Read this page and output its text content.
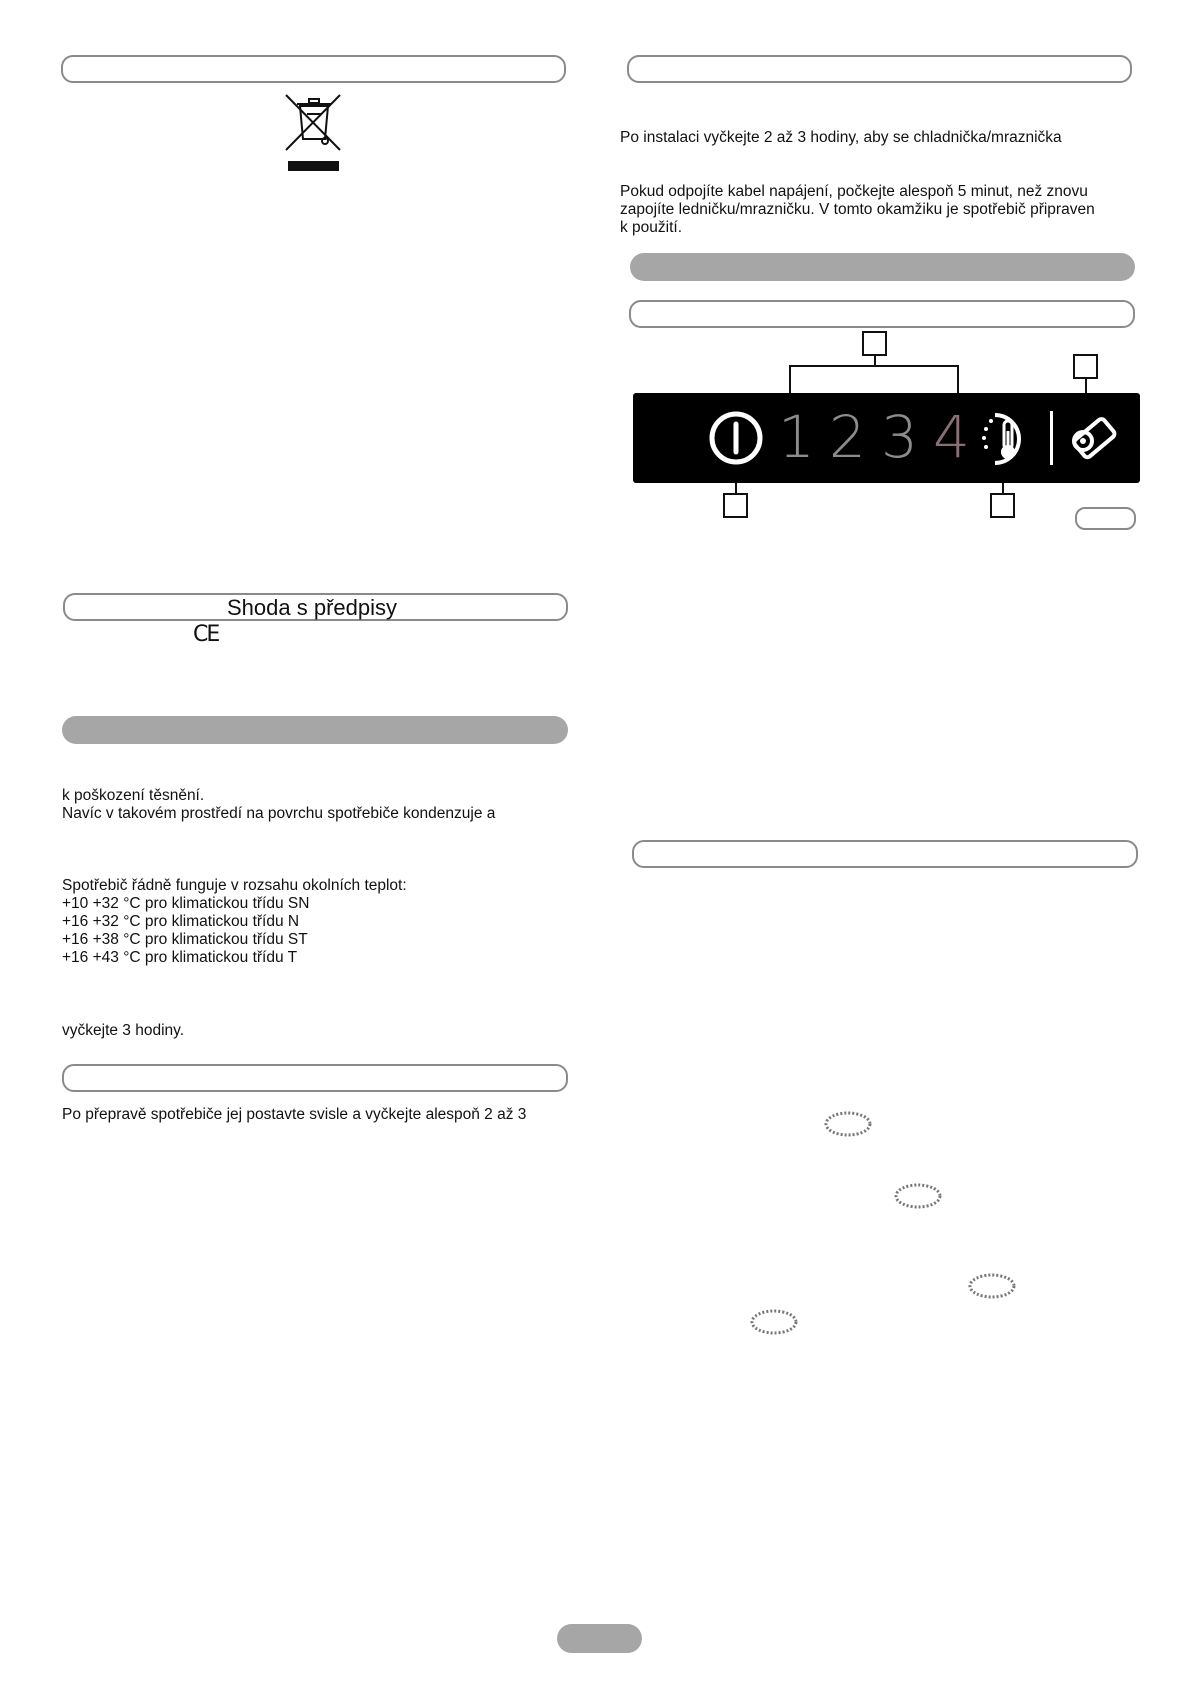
Shoda s předpisy
CE
k poškození těsnění.
Navíc v takovém prostředí na povrchu spotřebiče kondenzuje a
Spotřebič řádně funguje v rozsahu okolních teplot:
+10 +32 °C pro klimatickou třídu SN
+16 +32 °C pro klimatickou třídu N
+16 +38 °C pro klimatickou třídu ST
+16 +43 °C pro klimatickou třídu T
vyčkejte 3 hodiny.
Po přepravě spotřebiče jej postavte svisle a vyčkejte alespoň 2 až 3
Po instalaci vyčkejte 2 až 3 hodiny, aby se chladnička/mraznička
Pokud odpojíte kabel napájení, počkejte alespoň 5 minut, než znovu
zapojíte ledničku/mrazničku. V tomto okamžiku je spotřebič připraven
k použití.
1 2 3 4
